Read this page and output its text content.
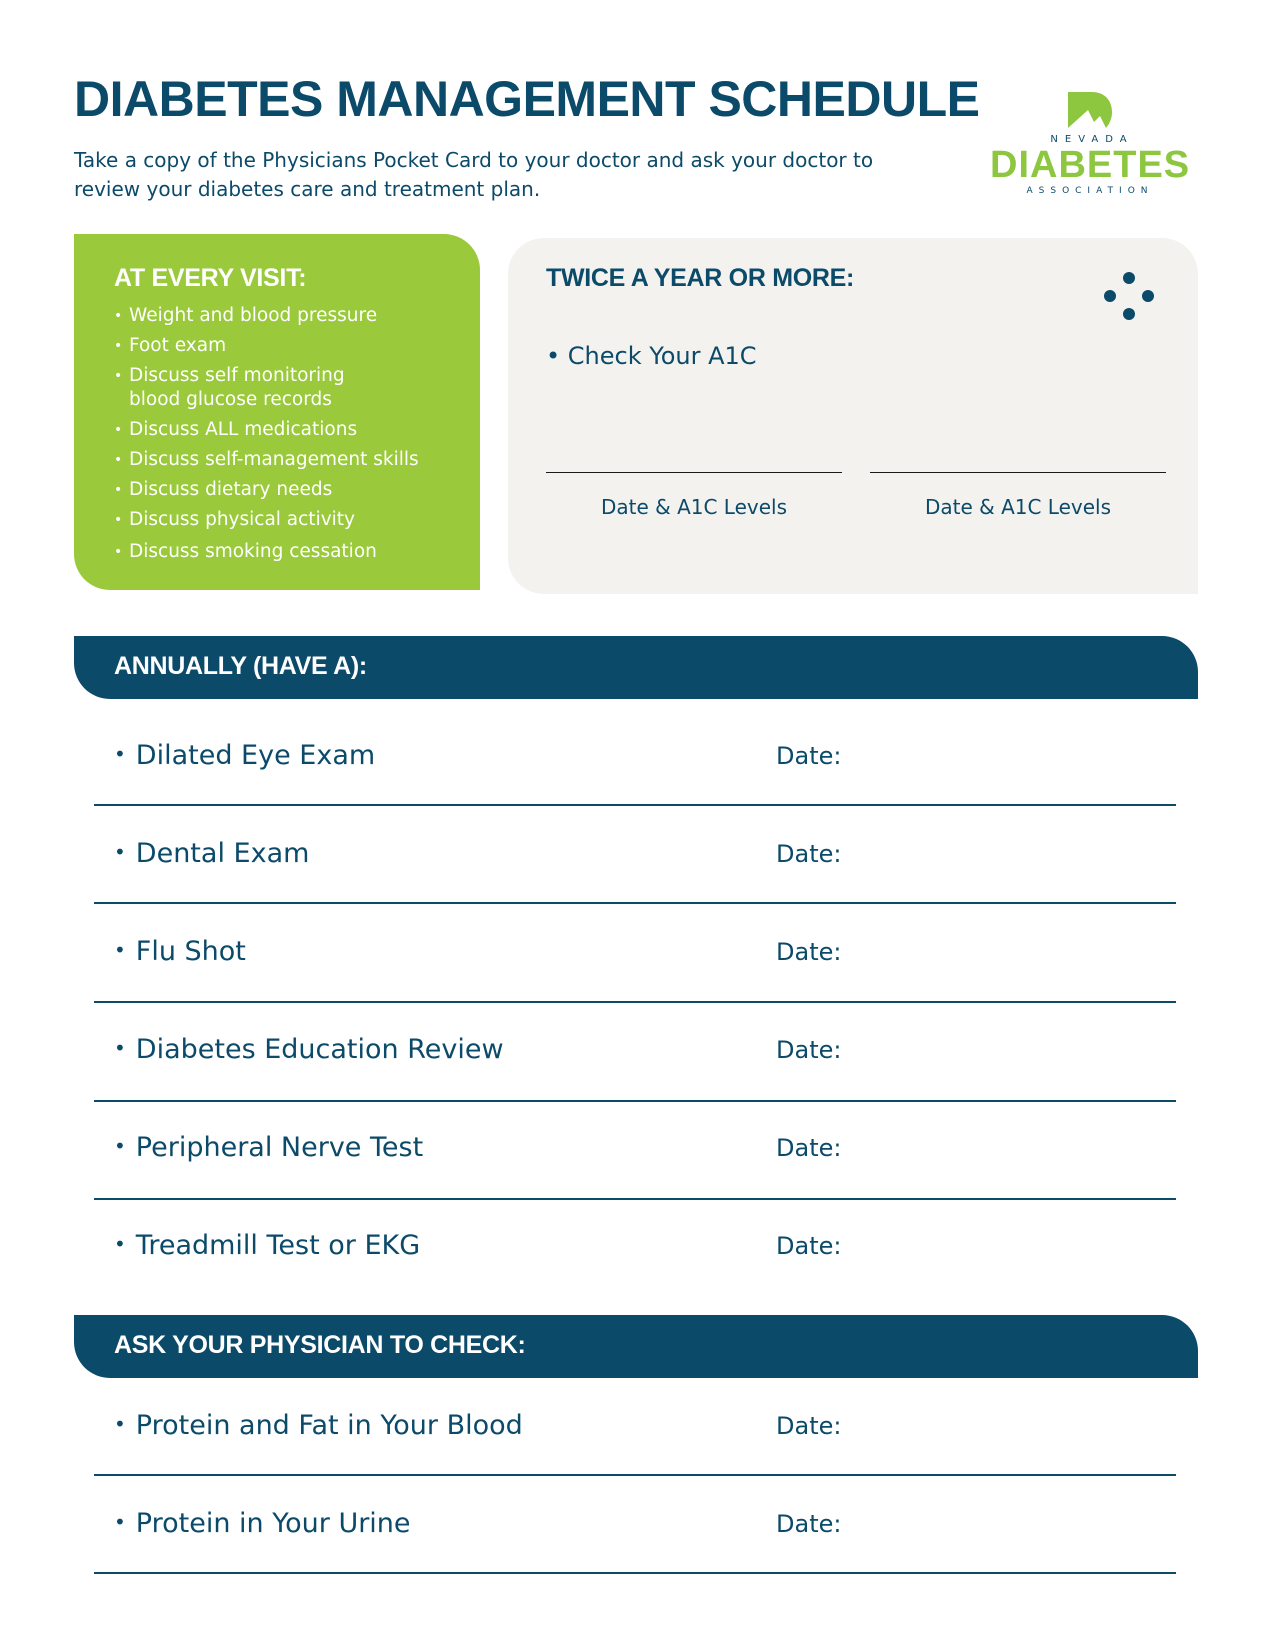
DIABETES MANAGEMENT SCHEDULE
Take a copy of the Physicians Pocket Card to your doctor and ask your doctor to review your diabetes care and treatment plan.
NEVADA
DIABETES
ASSOCIATION
AT EVERY VISIT:
• Weight and blood pressure
• Foot exam
• Discuss self monitoring blood glucose records
• Discuss ALL medications
• Discuss self-management skills
• Discuss dietary needs
• Discuss physical activity
• Discuss smoking cessation
TWICE A YEAR OR MORE:
• Check Your A1C
Date & A1C Levels	Date & A1C Levels
ANNUALLY (HAVE A):
• Dilated Eye Exam	Date:
• Dental Exam	Date:
• Flu Shot	Date:
• Diabetes Education Review	Date:
• Peripheral Nerve Test	Date:
• Treadmill Test or EKG	Date:
ASK YOUR PHYSICIAN TO CHECK:
• Protein and Fat in Your Blood	Date:
• Protein in Your Urine	Date:
